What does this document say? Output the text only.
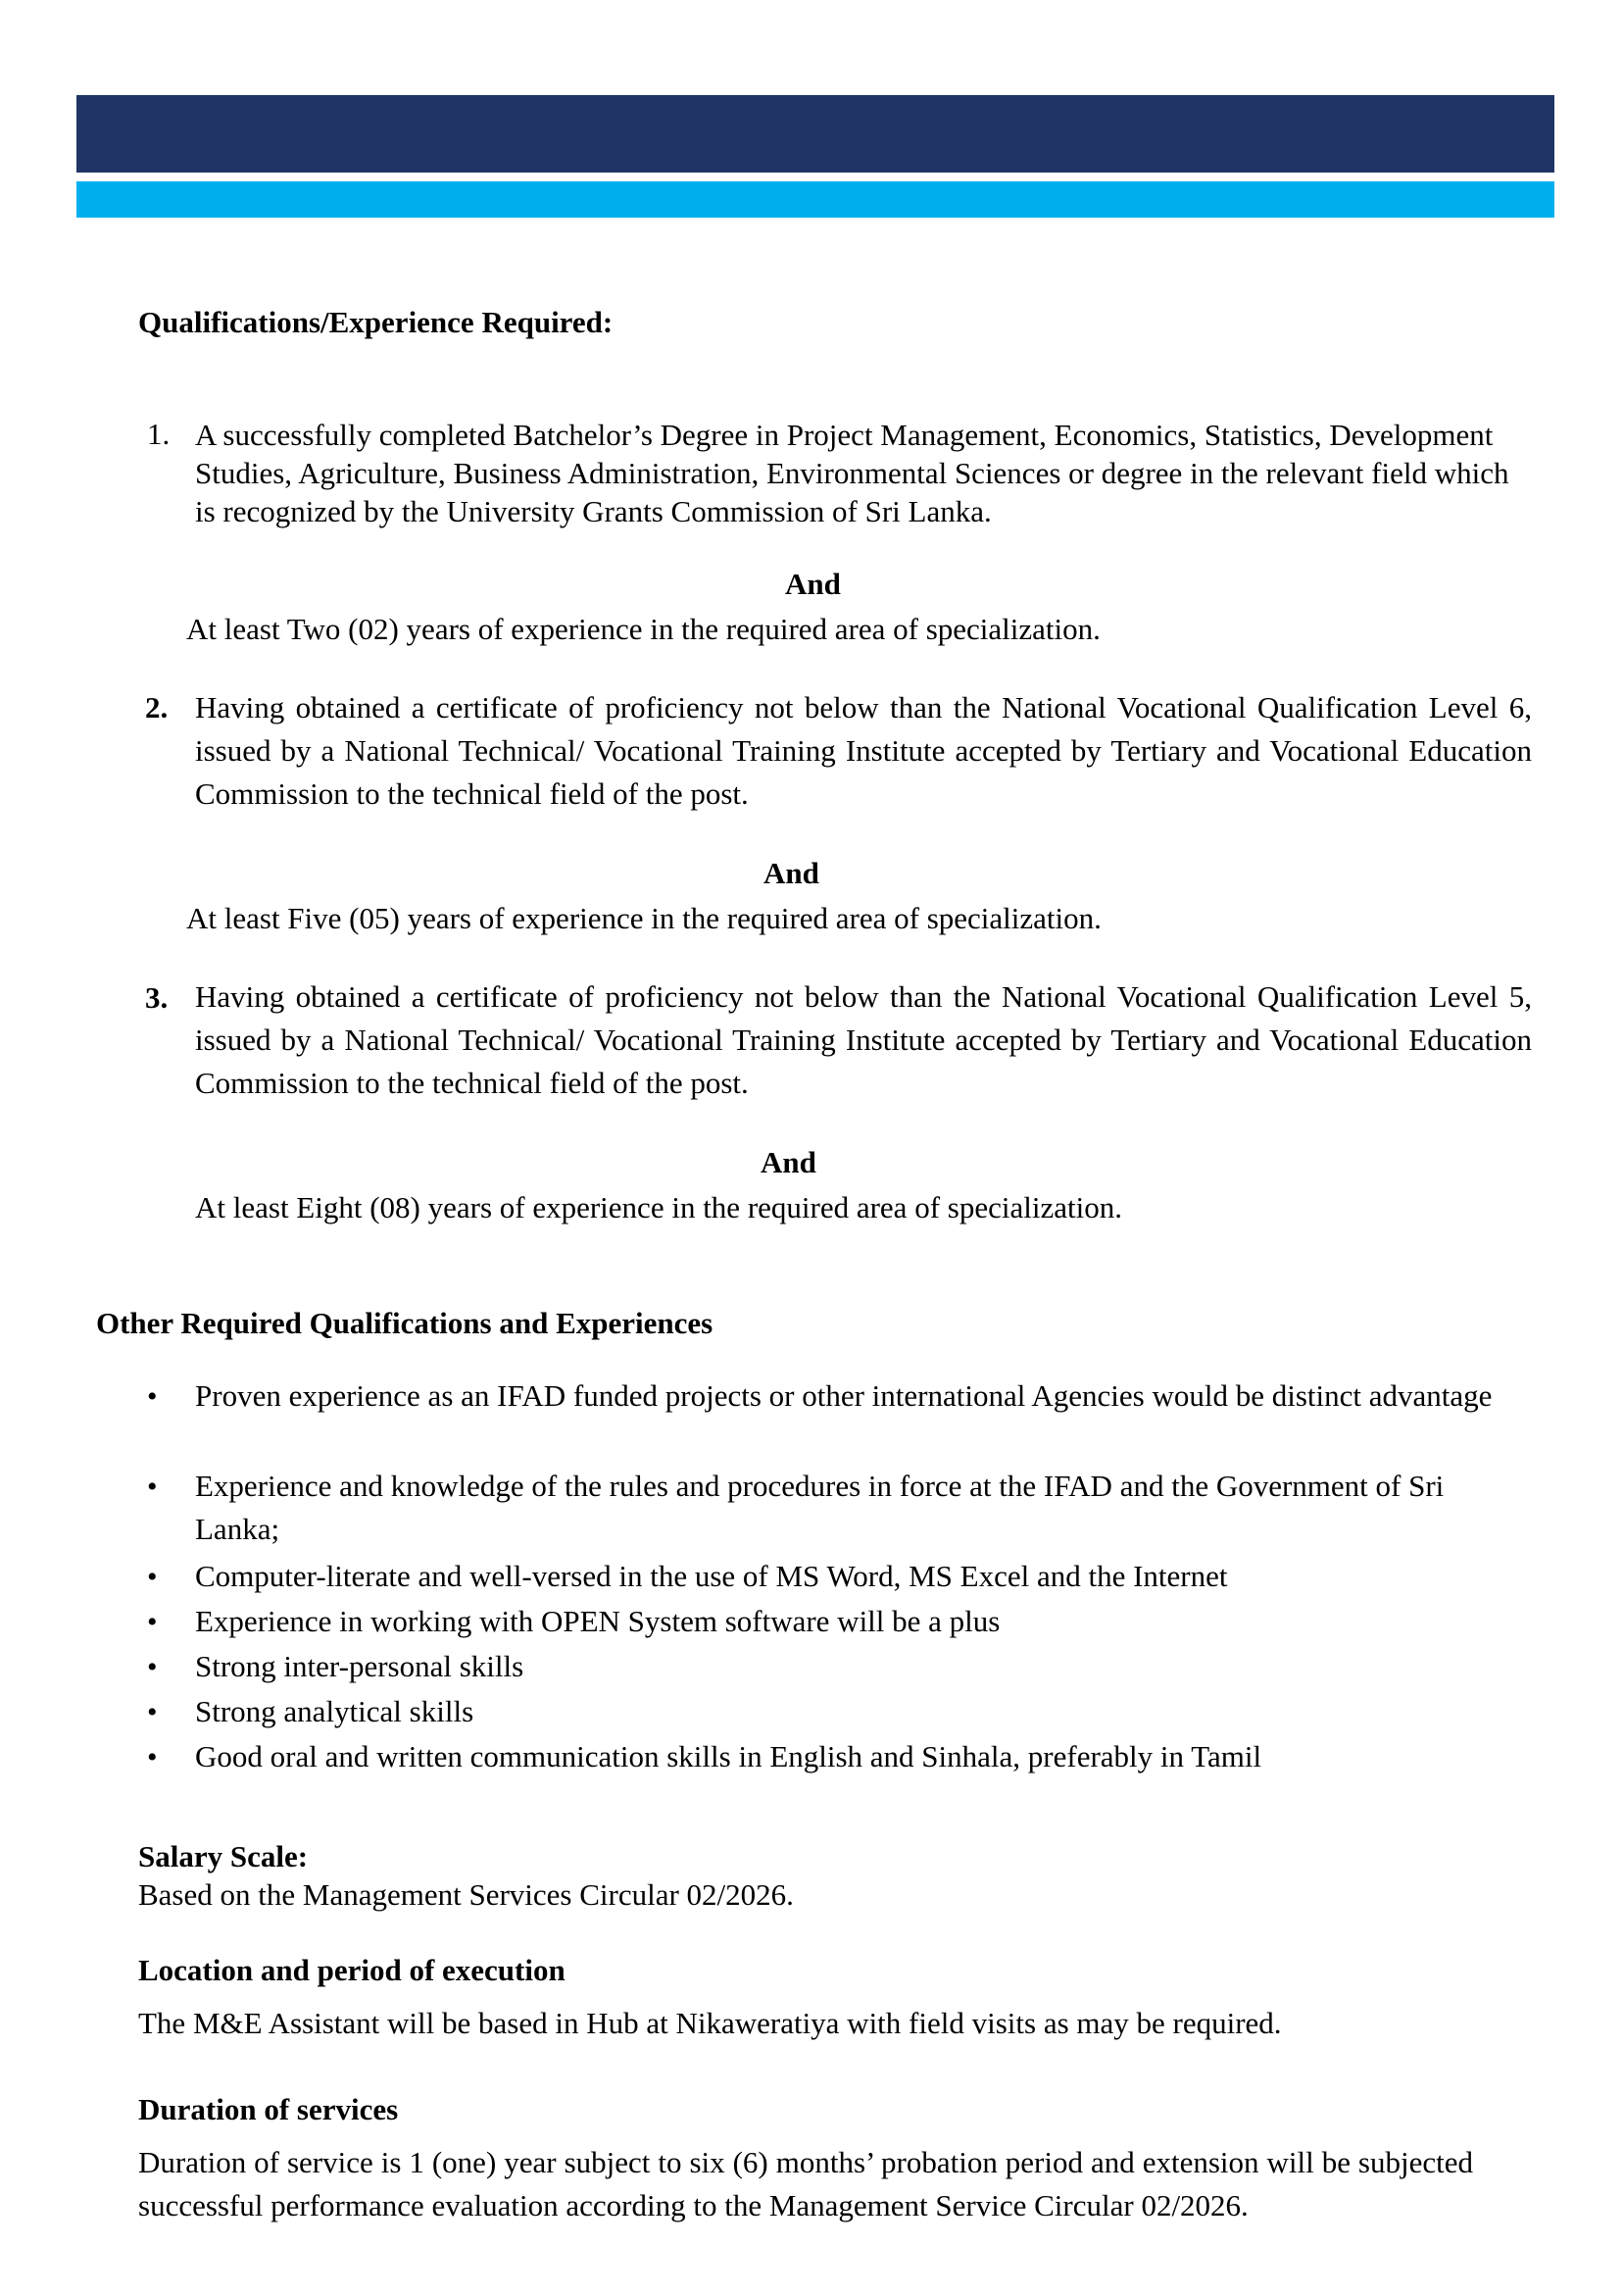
Qualifications/Experience Required:
1. A successfully completed Batchelor’s Degree in Project Management, Economics, Statistics, Development Studies, Agriculture, Business Administration, Environmental Sciences or degree in the relevant field which is recognized by the University Grants Commission of Sri Lanka.
And
At least Two (02) years of experience in the required area of specialization.
2. Having obtained a certificate of proficiency not below than the National Vocational Qualification Level 6, issued by a National Technical/ Vocational Training Institute accepted by Tertiary and Vocational Education Commission to the technical field of the post.
And
At least Five (05) years of experience in the required area of specialization.
3. Having obtained a certificate of proficiency not below than the National Vocational Qualification Level 5, issued by a National Technical/ Vocational Training Institute accepted by Tertiary and Vocational Education Commission to the technical field of the post.
And
At least Eight (08) years of experience in the required area of specialization.
Other Required Qualifications and Experiences
• Proven experience as an IFAD funded projects or other international Agencies would be distinct advantage
• Experience and knowledge of the rules and procedures in force at the IFAD and the Government of Sri Lanka;
• Computer-literate and well-versed in the use of MS Word, MS Excel and the Internet
• Experience in working with OPEN System software will be a plus
• Strong inter-personal skills
• Strong analytical skills
• Good oral and written communication skills in English and Sinhala, preferably in Tamil
Salary Scale:
Based on the Management Services Circular 02/2026.
Location and period of execution
The M&E Assistant will be based in Hub at Nikaweratiya with field visits as may be required.
Duration of services
Duration of service is 1 (one) year subject to six (6) months’ probation period and extension will be subjected successful performance evaluation according to the Management Service Circular 02/2026.
